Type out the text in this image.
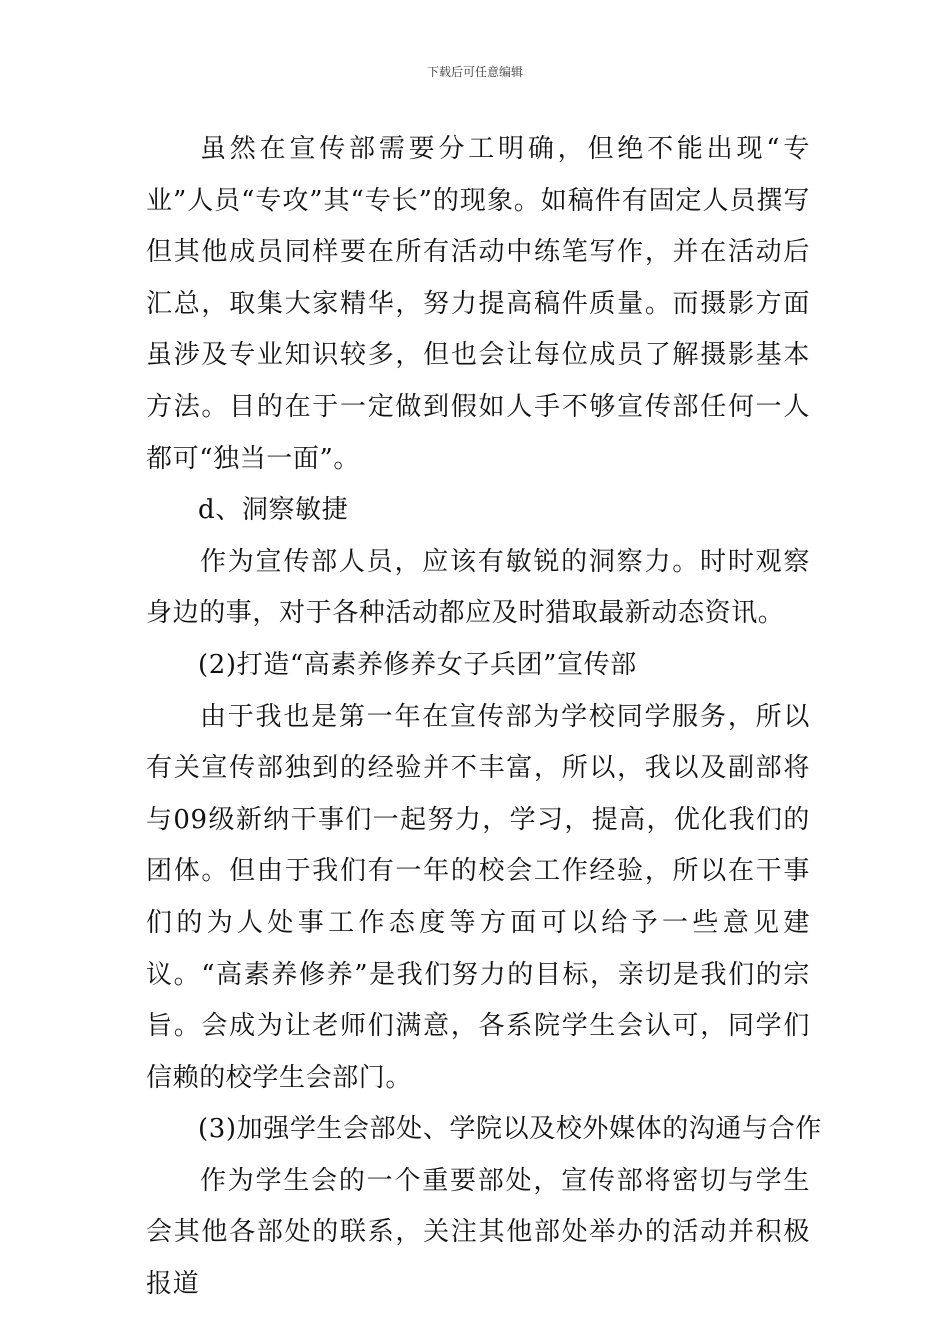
下载后可任意编辑

虽然在宣传部需要分工明确，但绝不能出现“专业”人员“专攻”其“专长”的现象。如稿件有固定人员撰写但其他成员同样要在所有活动中练笔写作，并在活动后汇总，取集大家精华，努力提高稿件质量。而摄影方面虽涉及专业知识较多，但也会让每位成员了解摄影基本方法。目的在于一定做到假如人手不够宣传部任何一人都可“独当一面”。

d、洞察敏捷

作为宣传部人员，应该有敏锐的洞察力。时时观察身边的事，对于各种活动都应及时猎取最新动态资讯。

(2)打造“高素养修养女子兵团”宣传部

由于我也是第一年在宣传部为学校同学服务，所以有关宣传部独到的经验并不丰富，所以，我以及副部将与09级新纳干事们一起努力，学习，提高，优化我们的团体。但由于我们有一年的校会工作经验，所以在干事们的为人处事工作态度等方面可以给予一些意见建议。“高素养修养”是我们努力的目标，亲切是我们的宗旨。会成为让老师们满意，各系院学生会认可，同学们信赖的校学生会部门。

(3)加强学生会部处、学院以及校外媒体的沟通与合作

作为学生会的一个重要部处，宣传部将密切与学生会其他各部处的联系，关注其他部处举办的活动并积极报道
